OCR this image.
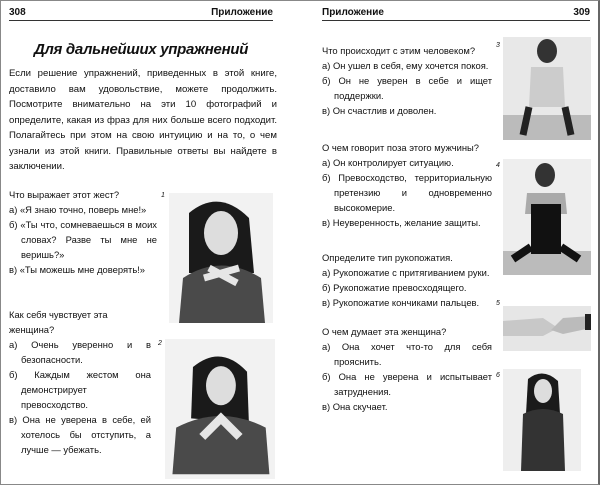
308	Приложение
Для дальнейших упражнений
Если решение упражнений, приведенных в этой книге, доставило вам удовольствие, можете продолжить. Посмотрите внимательно на эти 10 фотографий и определите, какая из фраз для них больше всего подходит. Полагайтесь при этом на свою интуицию и на то, о чем узнали из этой книги. Правильные ответы вы найдете в заключении.
Что выражает этот жест?
а) «Я знаю точно, поверь мне!»
б) «Ты что, сомневаешься в моих словах? Разве ты мне не веришь?»
в) «Ты можешь мне доверять!»
Как себя чувствует эта женщина?
а) Очень уверенно и в безопасности.
б) Каждым жестом она демонстрирует превосходство.
в) Она не уверена в себе, ей хотелось бы отступить, а лучше — убежать.
1
2
Приложение	309
Что происходит с этим человеком?
а) Он ушел в себя, ему хочется покоя.
б) Он не уверен в себе и ищет поддержки.
в) Он счастлив и доволен.
О чем говорит поза этого мужчины?
а) Он контролирует ситуацию.
б) Превосходство, территориальную претензию и одновременно высокомерие.
в) Неуверенность, желание защиты.
Определите тип рукопожатия.
а) Рукопожатие с притягиванием руки.
б) Рукопожатие превосходящего.
в) Рукопожатие кончиками пальцев.
О чем думает эта женщина?
а) Она хочет что-то для себя прояснить.
б) Она не уверена и испытывает затруднения.
в) Она скучает.
3
4
5
6
